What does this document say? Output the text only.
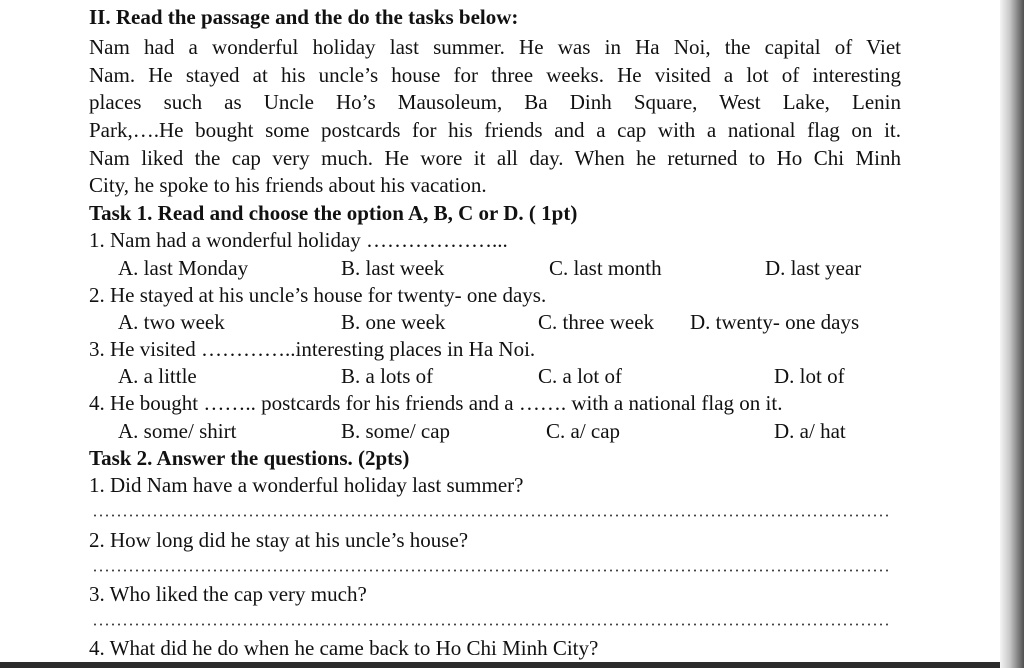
II. Read the passage and the do the tasks below:
Nam had a wonderful holiday last summer. He was in Ha Noi, the capital of Viet
Nam. He stayed at his uncle’s house for three weeks. He visited a lot of interesting
places such as Uncle Ho’s Mausoleum, Ba Dinh Square, West Lake, Lenin
Park,….He bought some postcards for his friends and a cap with a national flag on it.
Nam liked the cap very much. He wore it all day. When he returned to Ho Chi Minh
City, he spoke to his friends about his vacation.
Task 1. Read and choose the option A, B, C or D. ( 1pt)
1. Nam had a wonderful holiday ………………...
A. last Monday	B. last week	C. last month	D. last year
2. He stayed at his uncle’s house for twenty- one days.
A. two week	B. one week	C. three week D. twenty- one days
3. He visited …………..interesting places in Ha Noi.
A. a little	B. a lots of	C. a lot of	D. lot of
4. He bought …….. postcards for his friends and a ……. with a national flag on it.
A. some/ shirt	B. some/ cap	C. a/ cap	D. a/ hat
Task 2. Answer the questions. (2pts)
1. Did Nam have a wonderful holiday last summer?
2. How long did he stay at his uncle’s house?
3. Who liked the cap very much?
4. What did he do when he came back to Ho Chi Minh City?
